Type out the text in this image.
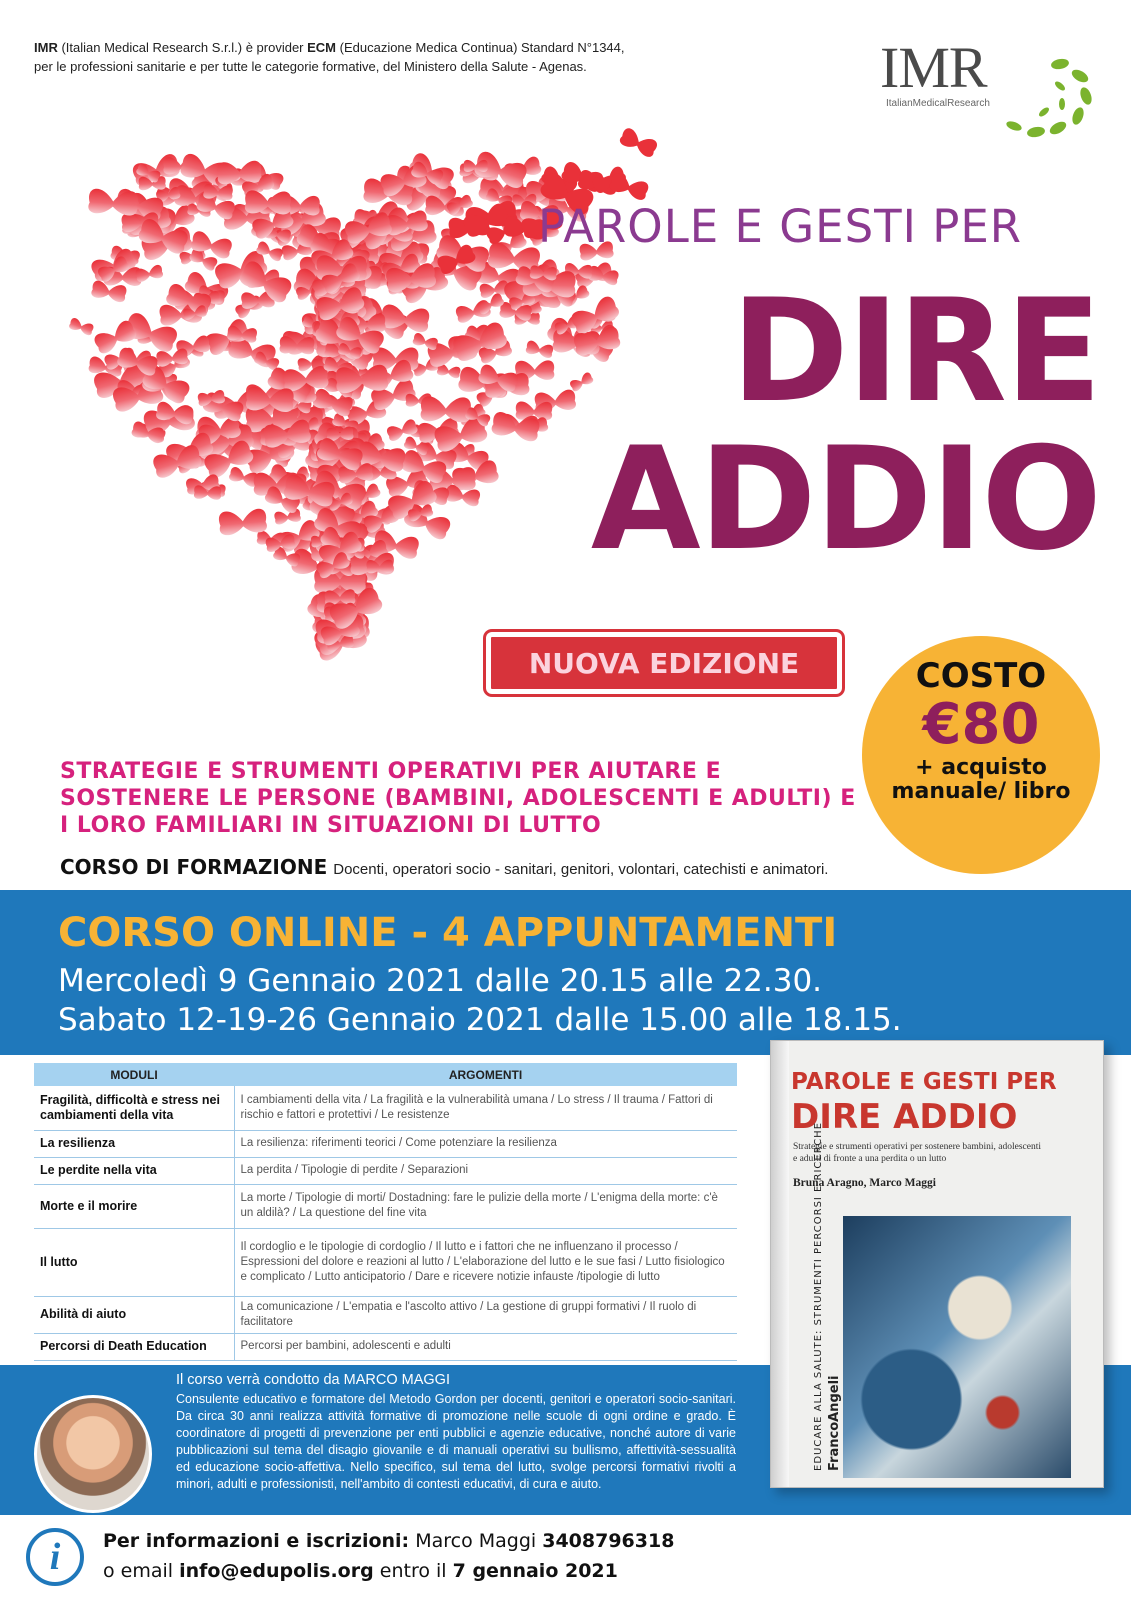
IMR (Italian Medical Research S.r.l.) è provider ECM (Educazione Medica Continua) Standard N°1344, per le professioni sanitarie e per tutte le categorie formative, del Ministero della Salute - Agenas.	IMR
ItalianMedicalResearch
PAROLE E GESTI PER
DIRE
ADDIO
NUOVA EDIZIONE	COSTO
€80
+ acquisto manuale/ libro
STRATEGIE E STRUMENTI OPERATIVI PER AIUTARE E SOSTENERE LE PERSONE (BAMBINI, ADOLESCENTI E ADULTI) E I LORO FAMILIARI IN SITUAZIONI DI LUTTO
CORSO DI FORMAZIONE Docenti, operatori socio - sanitari, genitori, volontari, catechisti e animatori.
CORSO ONLINE - 4 APPUNTAMENTI
Mercoledì 9 Gennaio 2021 dalle 20.15 alle 22.30.
Sabato 12-19-26 Gennaio 2021 dalle 15.00 alle 18.15.
MODULI	ARGOMENTI
Fragilità, difficoltà e stress nei cambiamenti della vita	I cambiamenti della vita / La fragilità e la vulnerabilità umana / Lo stress / Il trauma / Fattori di rischio e fattori e protettivi / Le resistenze
La resilienza	La resilienza: riferimenti teorici / Come potenziare la resilienza
Le perdite nella vita	La perdita / Tipologie di perdite / Separazioni
Morte e il morire	La morte / Tipologie di morti/ Dostadning: fare le pulizie della morte / L'enigma della morte: c'è un aldilà? / La questione del fine vita
Il lutto	Il cordoglio e le tipologie di cordoglio / Il lutto e i fattori che ne influenzano il processo / Espressioni del dolore e reazioni al lutto / L'elaborazione del lutto e le sue fasi / Lutto fisiologico e complicato / Lutto anticipatorio / Dare e ricevere notizie infauste /tipologie di lutto
Abilità di aiuto	La comunicazione / L'empatia e l'ascolto attivo / La gestione di gruppi formativi / Il ruolo di facilitatore
Percorsi di Death Education	Percorsi per bambini, adolescenti e adulti
Il corso verrà condotto da MARCO MAGGI
Consulente educativo e formatore del Metodo Gordon per docenti, genitori e operatori socio-sanitari. Da circa 30 anni realizza attività formative di promozione nelle scuole di ogni ordine e grado. È coordinatore di progetti di prevenzione per enti pubblici e agenzie educative, nonché autore di varie pubblicazioni sul tema del disagio giovanile e di manuali operativi su bullismo, affettività-sessualità ed educazione socio-affettiva. Nello specifico, sul tema del lutto, svolge percorsi formativi rivolti a minori, adulti e professionisti, nell'ambito di contesti educativi, di cura e aiuto.
PAROLE E GESTI PER
DIRE ADDIO
Strategie e strumenti operativi per sostenere bambini, adolescenti e adulti di fronte a una perdita o un lutto
Bruna Aragno, Marco Maggi
EDUCARE ALLA SALUTE: STRUMENTI PERCORSI E RICERCHE FrancoAngeli
i	Per informazioni e iscrizioni: Marco Maggi 3408796318
o email info@edupolis.org entro il 7 gennaio 2021
